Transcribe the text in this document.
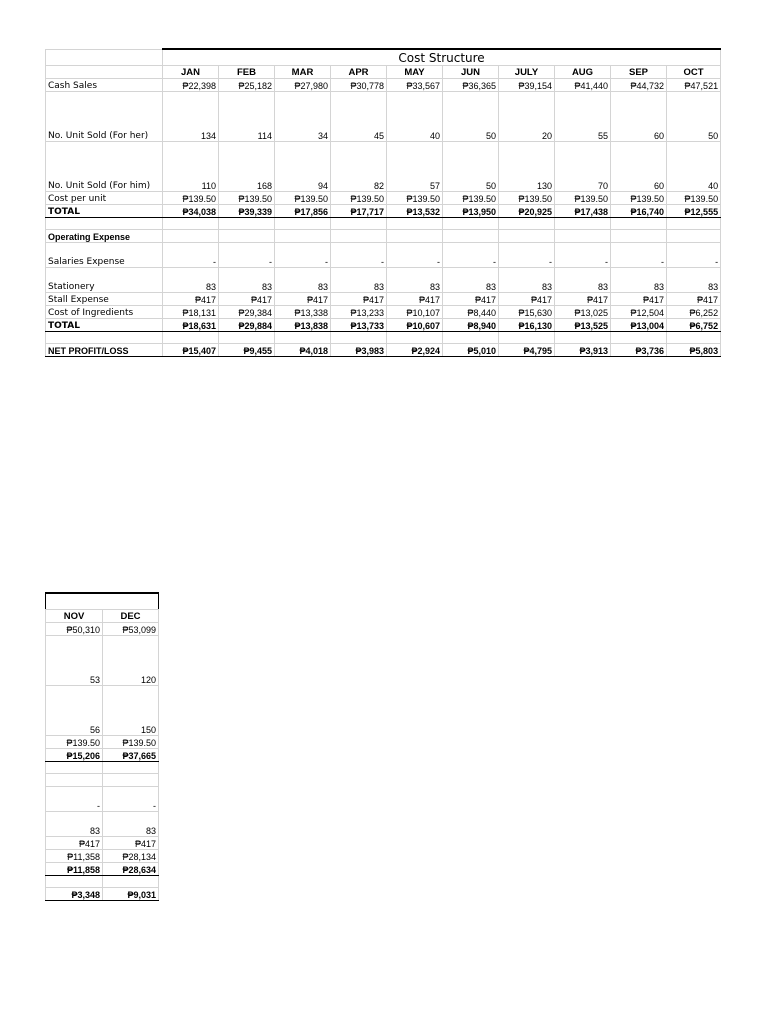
	Cost Structure									
	JAN	FEB	MAR	APR	MAY	JUN	JULY	AUG	SEP	OCT
Cash Sales	₱22,398	₱25,182	₱27,980	₱30,778	₱33,567	₱36,365	₱39,154	₱41,440	₱44,732	₱47,521
No. Unit Sold (For her)	134	114	34	45	40	50	20	55	60	50
No. Unit Sold (For him)	110	168	94	82	57	50	130	70	60	40
Cost per unit	₱139.50	₱139.50	₱139.50	₱139.50	₱139.50	₱139.50	₱139.50	₱139.50	₱139.50	₱139.50
TOTAL	₱34,038	₱39,339	₱17,856	₱17,717	₱13,532	₱13,950	₱20,925	₱17,438	₱16,740	₱12,555

Operating Expense										
Salaries Expense	-	-	-	-	-	-	-	-	-	-
Stationery	83	83	83	83	83	83	83	83	83	83
Stall Expense	₱417	₱417	₱417	₱417	₱417	₱417	₱417	₱417	₱417	₱417
Cost of Ingredients	₱18,131	₱29,384	₱13,338	₱13,233	₱10,107	₱8,440	₱15,630	₱13,025	₱12,504	₱6,252
TOTAL	₱18,631	₱29,884	₱13,838	₱13,733	₱10,607	₱8,940	₱16,130	₱13,525	₱13,004	₱6,752

NET PROFIT/LOSS	₱15,407	₱9,455	₱4,018	₱3,983	₱2,924	₱5,010	₱4,795	₱3,913	₱3,736	₱5,803

NOV	DEC
₱50,310	₱53,099
53	120
56	150
₱139.50	₱139.50
₱15,206	₱37,665

-	-
83	83
₱417	₱417
₱11,358	₱28,134
₱11,858	₱28,634

₱3,348	₱9,031
